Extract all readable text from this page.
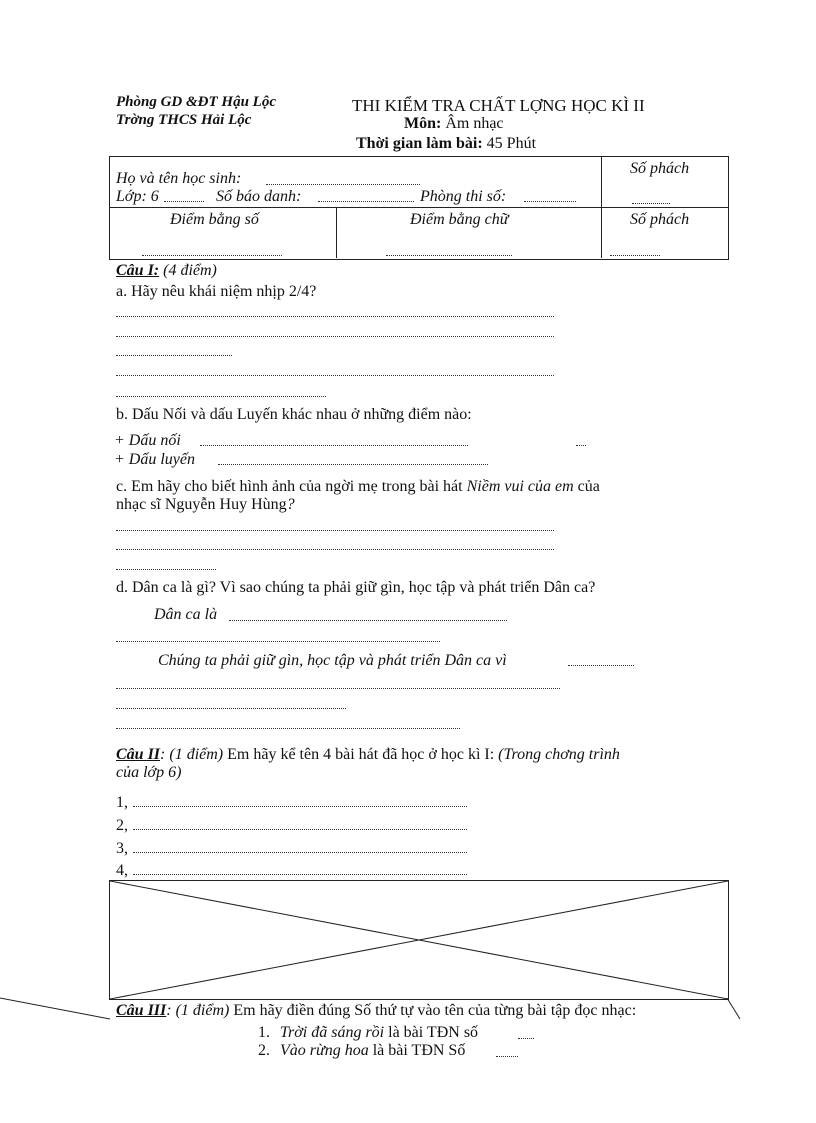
Phòng GD &ĐT Hậu Lộc
Trờng THCS Hải Lộc
THI KIỂM TRA CHẤT LỢNG HỌC KÌ II
Môn: Âm nhạc
Thời gian làm bài: 45 Phút
Họ và tên học sinh:
Lớp: 6	Số báo danh:	Phòng thi số:
Số phách
Điểm bằng số	Điểm bằng chữ	Số phách
Câu I: (4 điểm)
a. Hãy nêu khái niệm nhịp 2/4?
b. Dấu Nối và dấu Luyến khác nhau ở những điểm nào:
+ Dấu nối
+ Dấu luyến
c. Em hãy cho biết hình ảnh của ngời mẹ trong bài hát Niềm vui của em của
nhạc sĩ Nguyễn Huy Hùng?
d. Dân ca là gì? Vì sao chúng ta phải giữ gìn, học tập và phát triển Dân ca?
Dân ca là
Chúng ta phải giữ gìn, học tập và phát triển Dân ca vì
Câu II: (1 điểm) Em hãy kể tên 4 bài hát đã học ở học kì I: (Trong chơng trình
của lớp 6)
1,
2,
3,
4,
Câu III: (1 điểm) Em hãy điền đúng Số thứ tự vào tên của từng bài tập đọc nhạc:
1. Trời đã sáng rồi là bài TĐN số
2. Vào rừng hoa là bài TĐN Số
